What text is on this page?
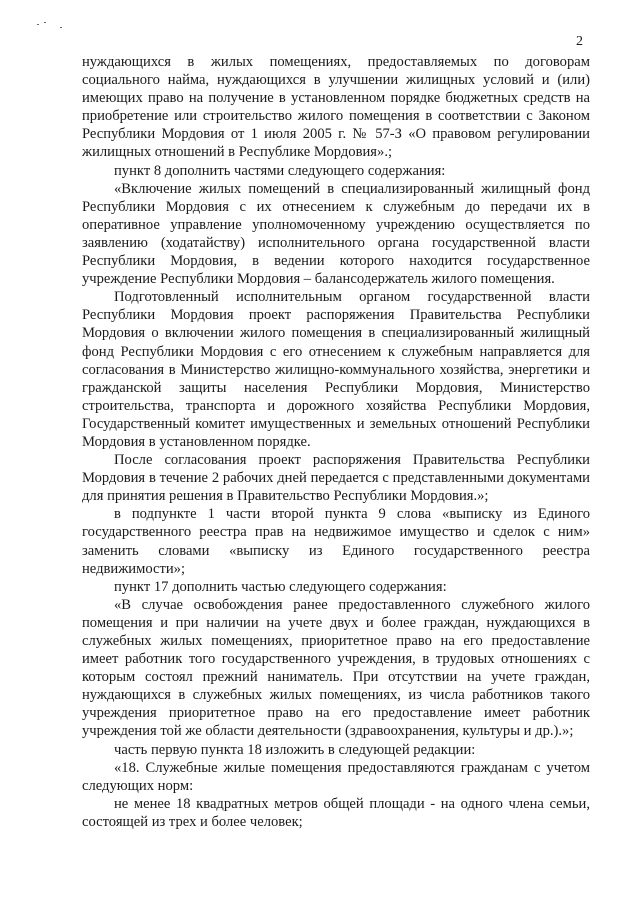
2

нуждающихся в жилых помещениях, предоставляемых по договорам социального найма, нуждающихся в улучшении жилищных условий и (или) имеющих право на получение в установленном порядке бюджетных средств на приобретение или строительство жилого помещения в соответствии с Законом Республики Мордовия от 1 июля 2005 г. № 57-З «О правовом регулировании жилищных отношений в Республике Мордовия».;

пункт 8 дополнить частями следующего содержания:

«Включение жилых помещений в специализированный жилищный фонд Республики Мордовия с их отнесением к служебным до передачи их в оперативное управление уполномоченному учреждению осуществляется по заявлению (ходатайству) исполнительного органа государственной власти Республики Мордовия, в ведении которого находится государственное учреждение Республики Мордовия – балансодержатель жилого помещения.

Подготовленный исполнительным органом государственной власти Республики Мордовия проект распоряжения Правительства Республики Мордовия о включении жилого помещения в специализированный жилищный фонд Республики Мордовия с его отнесением к служебным направляется для согласования в Министерство жилищно-коммунального хозяйства, энергетики и гражданской защиты населения Республики Мордовия, Министерство строительства, транспорта и дорожного хозяйства Республики Мордовия, Государственный комитет имущественных и земельных отношений Республики Мордовия в установленном порядке.

После согласования проект распоряжения Правительства Республики Мордовия в течение 2 рабочих дней передается с представленными документами для принятия решения в Правительство Республики Мордовия.»;

в подпункте 1 части второй пункта 9 слова «выписку из Единого государственного реестра прав на недвижимое имущество и сделок с ним» заменить словами «выписку из Единого государственного реестра недвижимости»;

пункт 17 дополнить частью следующего содержания:

«В случае освобождения ранее предоставленного служебного жилого помещения и при наличии на учете двух и более граждан, нуждающихся в служебных жилых помещениях, приоритетное право на его предоставление имеет работник того государственного учреждения, в трудовых отношениях с которым состоял прежний наниматель. При отсутствии на учете граждан, нуждающихся в служебных жилых помещениях, из числа работников такого учреждения приоритетное право на его предоставление имеет работник учреждения той же области деятельности (здравоохранения, культуры и др.).»;

часть первую пункта 18 изложить в следующей редакции:

«18. Служебные жилые помещения предоставляются гражданам с учетом следующих норм:

не менее 18 квадратных метров общей площади - на одного члена семьи, состоящей из трех и более человек;
